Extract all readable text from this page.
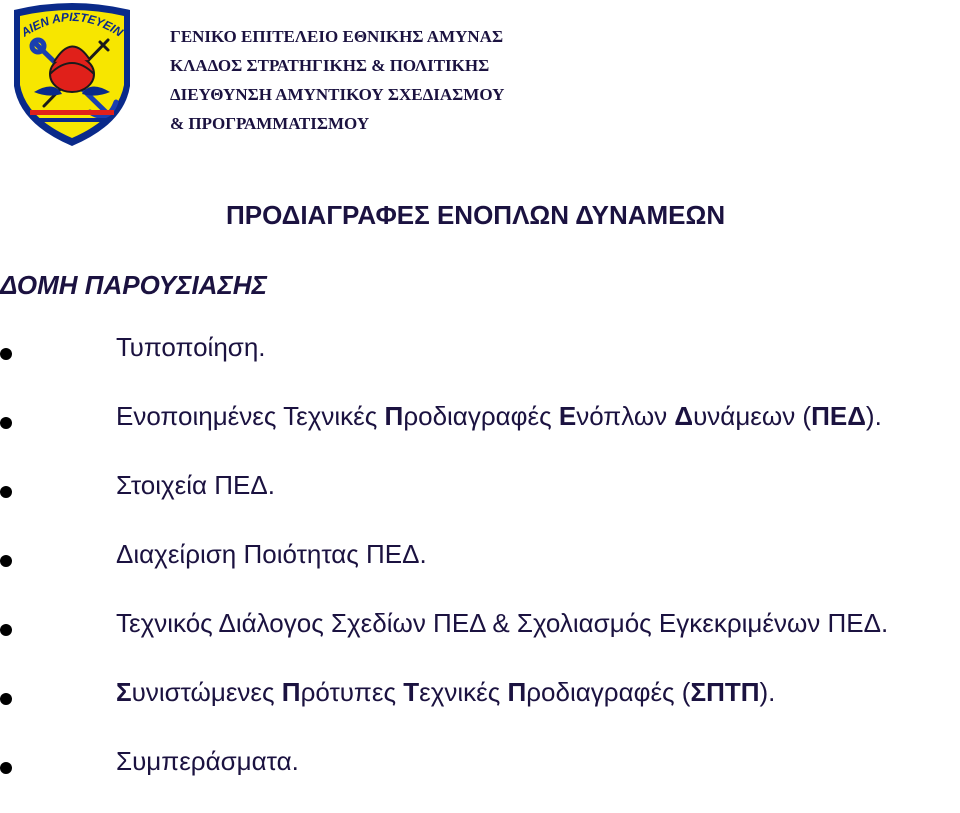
ΑΙΕΝ ΑΡΙΣΤΕΥΕΙΝ	ΓΕΝΙΚΟ ΕΠΙΤΕΛΕΙΟ ΕΘΝΙΚΗΣ ΑΜΥΝΑΣ
ΚΛΑΔΟΣ ΣΤΡΑΤΗΓΙΚΗΣ & ΠΟΛΙΤΙΚΗΣ
ΔΙΕΥΘΥΝΣΗ ΑΜΥΝΤΙΚΟΥ ΣΧΕΔΙΑΣΜΟΥ
& ΠΡΟΓΡΑΜΜΑΤΙΣΜΟΥ
ΠΡΟΔΙΑΓΡΑΦΕΣ ΕΝΟΠΛΩΝ ΔΥΝΑΜΕΩΝ
ΔΟΜΗ ΠΑΡΟΥΣΙΑΣΗΣ
Τυποποίηση.
Ενοποιημένες Τεχνικές Προδιαγραφές Ενόπλων Δυνάμεων (ΠΕΔ).
Στοιχεία ΠΕΔ.
Διαχείριση Ποιότητας ΠΕΔ.
Τεχνικός Διάλογος Σχεδίων ΠΕΔ & Σχολιασμός Εγκεκριμένων ΠΕΔ.
Συνιστώμενες Πρότυπες Τεχνικές Προδιαγραφές (ΣΠΤΠ).
Συμπεράσματα.
